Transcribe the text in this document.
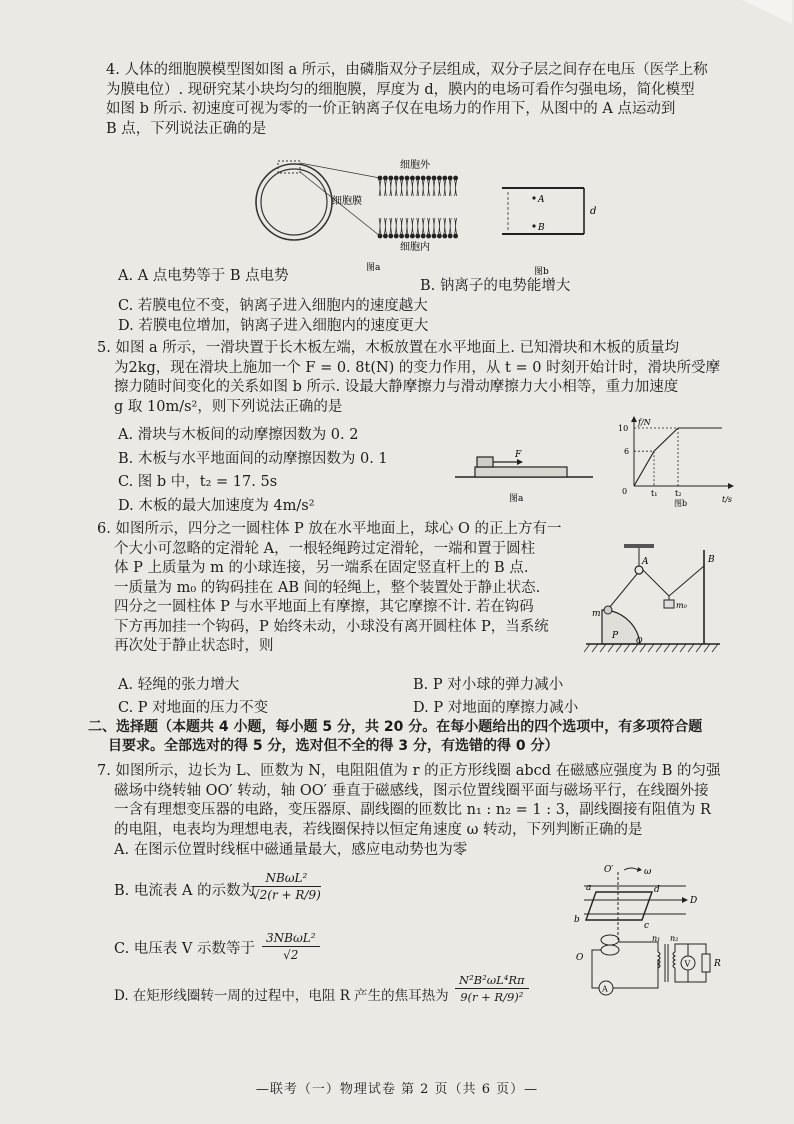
4. 人体的细胞膜模型图如图 a 所示，由磷脂双分子层组成，双分子层之间存在电压（医学上称

为膜电位）. 现研究某小块均匀的细胞膜，厚度为 d，膜内的电场可看作匀强电场，简化模型

如图 b 所示. 初速度可视为零的一价正钠离子仅在电场力的作用下，从图中的 A 点运动到

B 点，下列说法正确的是

细胞外
细胞膜
细胞内
图a
A
B
d
图b

A. A 点电势等于 B 点电势

B. 钠离子的电势能增大

C. 若膜电位不变，钠离子进入细胞内的速度越大

D. 若膜电位增加，钠离子进入细胞内的速度更大

5. 如图 a 所示，一滑块置于长木板左端，木板放置在水平地面上. 已知滑块和木板的质量均

为2kg，现在滑块上施加一个 F = 0. 8t(N) 的变力作用，从 t = 0 时刻开始计时，滑块所受摩

擦力随时间变化的关系如图 b 所示. 设最大静摩擦力与滑动摩擦力大小相等，重力加速度

g 取 10m/s²，则下列说法正确的是

A. 滑块与木板间的动摩擦因数为 0. 2

B. 木板与水平地面间的动摩擦因数为 0. 1

C. 图 b 中，t₂ = 17. 5s

D. 木板的最大加速度为 4m/s²

F
图a
f/N
t/s
0
10
6
t₁ t₂
图b

6. 如图所示，四分之一圆柱体 P 放在水平地面上，球心 O 的正上方有一

个大小可忽略的定滑轮 A，一根轻绳跨过定滑轮，一端和置于圆柱

体 P 上质量为 m 的小球连接，另一端系在固定竖直杆上的 B 点.

一质量为 m₀ 的钩码挂在 AB 间的轻绳上，整个装置处于静止状态.

四分之一圆柱体 P 与水平地面上有摩擦，其它摩擦不计. 若在钩码

下方再加挂一个钩码，P 始终未动，小球没有离开圆柱体 P，当系统

再次处于静止状态时，则

A	B
m₀
m
P O

A. 轻绳的张力增大

C. P 对地面的压力不变

B. P 对小球的弹力减小

D. P 对地面的摩擦力减小

二、选择题（本题共 4 小题，每小题 5 分，共 20 分。在每小题给出的四个选项中，有多项符合题

目要求。全部选对的得 5 分，选对但不全的得 3 分，有选错的得 0 分）

7. 如图所示，边长为 L、匝数为 N，电阻阻值为 r 的正方形线圈 abcd 在磁感应强度为 B 的匀强

磁场中绕转轴 OO′ 转动，轴 OO′ 垂直于磁感线，图示位置线圈平面与磁场平行，在线圈外接

一含有理想变压器的电路，变压器原、副线圈的匝数比 n₁ : n₂ = 1 : 3，副线圈接有阻值为 R

的电阻，电表均为理想电表，若线圈保持以恒定角速度 ω 转动，下列判断正确的是

A. 在图示位置时线框中磁通量最大，感应电动势也为零

B. 电流表 A 的示数为
NBωL²
√2(r + R/9)
C. 电压表 V 示数等于
3NBωL²
√2
D. 在矩形线圈转一周的过程中，电阻 R 产生的焦耳热为 $\frac{\text{N²B²ωL⁴Rπ}}{\text{9(r + R/9)²}}$
O′	ω
D
a	d
b
c
O
A
n₁ n₂
V	R
—联考（一）物理试卷 第 2 页（共 6 页）—
